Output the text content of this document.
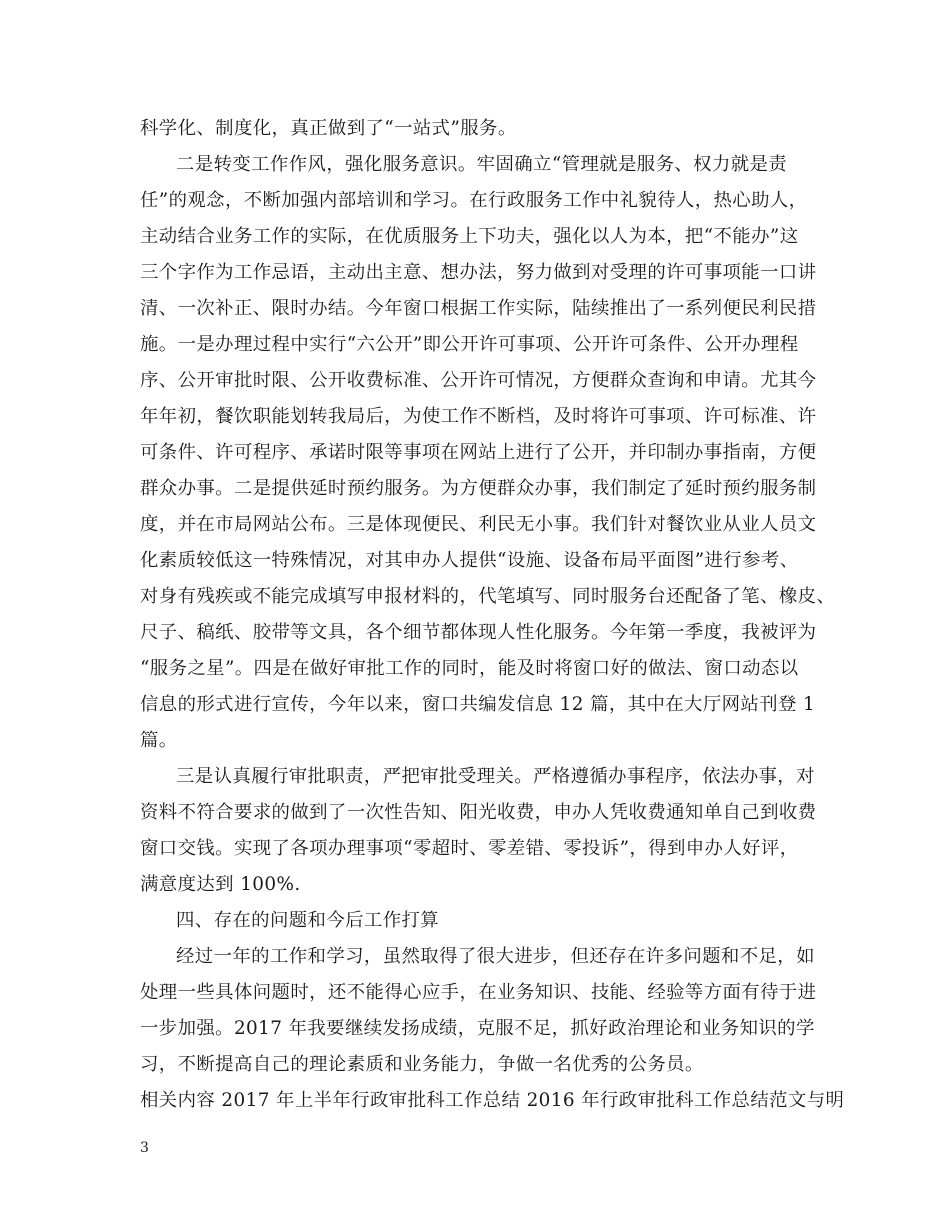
科学化、制度化，真正做到了“一站式”服务。
二是转变工作作风，强化服务意识。牢固确立“管理就是服务、权力就是责
任”的观念，不断加强内部培训和学习。在行政服务工作中礼貌待人，热心助人，
主动结合业务工作的实际，在优质服务上下功夫，强化以人为本，把“不能办”这
三个字作为工作忌语，主动出主意、想办法，努力做到对受理的许可事项能一口讲
清、一次补正、限时办结。今年窗口根据工作实际，陆续推出了一系列便民利民措
施。一是办理过程中实行“六公开”即公开许可事项、公开许可条件、公开办理程
序、公开审批时限、公开收费标准、公开许可情况，方便群众查询和申请。尤其今
年年初，餐饮职能划转我局后，为使工作不断档，及时将许可事项、许可标准、许
可条件、许可程序、承诺时限等事项在网站上进行了公开，并印制办事指南，方便
群众办事。二是提供延时预约服务。为方便群众办事，我们制定了延时预约服务制
度，并在市局网站公布。三是体现便民、利民无小事。我们针对餐饮业从业人员文
化素质较低这一特殊情况，对其申办人提供“设施、设备布局平面图”进行参考、
对身有残疾或不能完成填写申报材料的，代笔填写、同时服务台还配备了笔、橡皮、
尺子、稿纸、胶带等文具，各个细节都体现人性化服务。今年第一季度，我被评为
“服务之星”。四是在做好审批工作的同时，能及时将窗口好的做法、窗口动态以
信息的形式进行宣传，今年以来，窗口共编发信息 12 篇，其中在大厅网站刊登 1
篇。
三是认真履行审批职责，严把审批受理关。严格遵循办事程序，依法办事，对
资料不符合要求的做到了一次性告知、阳光收费，申办人凭收费通知单自己到收费
窗口交钱。实现了各项办理事项“零超时、零差错、零投诉”，得到申办人好评，
满意度达到 100%.
四、存在的问题和今后工作打算
经过一年的工作和学习，虽然取得了很大进步，但还存在许多问题和不足，如
处理一些具体问题时，还不能得心应手，在业务知识、技能、经验等方面有待于进
一步加强。2017 年我要继续发扬成绩，克服不足，抓好政治理论和业务知识的学
习，不断提高自己的理论素质和业务能力，争做一名优秀的公务员。
相关内容 2017 年上半年行政审批科工作总结 2016 年行政审批科工作总结范文与明
3
